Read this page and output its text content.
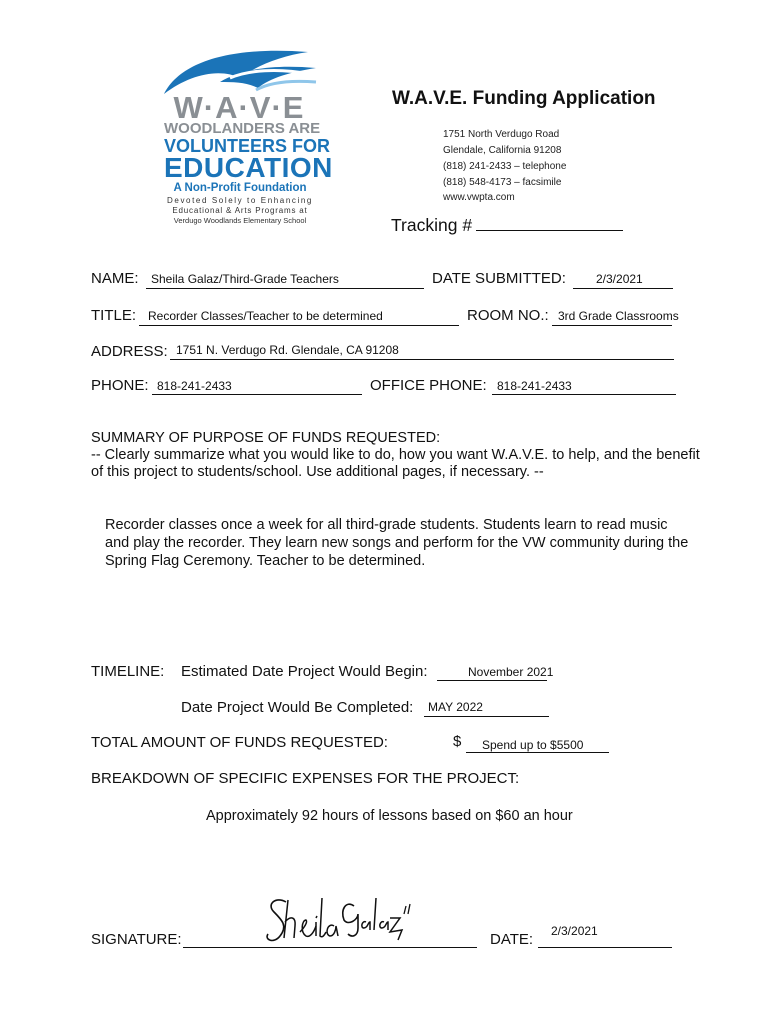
W·A·V·E
WOODLANDERS ARE
VOLUNTEERS FOR
EDUCATION
A Non-Profit Foundation
Devoted Solely to Enhancing
Educational & Arts Programs at
Verdugo Woodlands Elementary School
W.A.V.E. Funding Application
1751 North Verdugo Road
Glendale, California 91208
(818) 241-2433 – telephone
(818) 548-4173 – facsimile
www.vwpta.com
Tracking #
NAME: Sheila Galaz/Third-Grade Teachers	DATE SUBMITTED:	2/3/2021
TITLE: Recorder Classes/Teacher to be determined	ROOM NO.: 3rd Grade Classrooms
ADDRESS: 1751 N. Verdugo Rd. Glendale, CA 91208
PHONE: 818-241-2433	OFFICE PHONE: 818-241-2433
SUMMARY OF PURPOSE OF FUNDS REQUESTED:
-- Clearly summarize what you would like to do, how you want W.A.V.E. to help, and the benefit of this project to students/school. Use additional pages, if necessary. --
Recorder classes once a week for all third-grade students. Students learn to read music and play the recorder. They learn new songs and perform for the VW community during the Spring Flag Ceremony. Teacher to be determined.
TIMELINE: Estimated Date Project Would Begin:	November 2021
Date Project Would Be Completed: MAY 2022
TOTAL AMOUNT OF FUNDS REQUESTED:	$ Spend up to $5500
BREAKDOWN OF SPECIFIC EXPENSES FOR THE PROJECT:
Approximately 92 hours of lessons based on $60 an hour
SIGNATURE:	DATE: 2/3/2021
